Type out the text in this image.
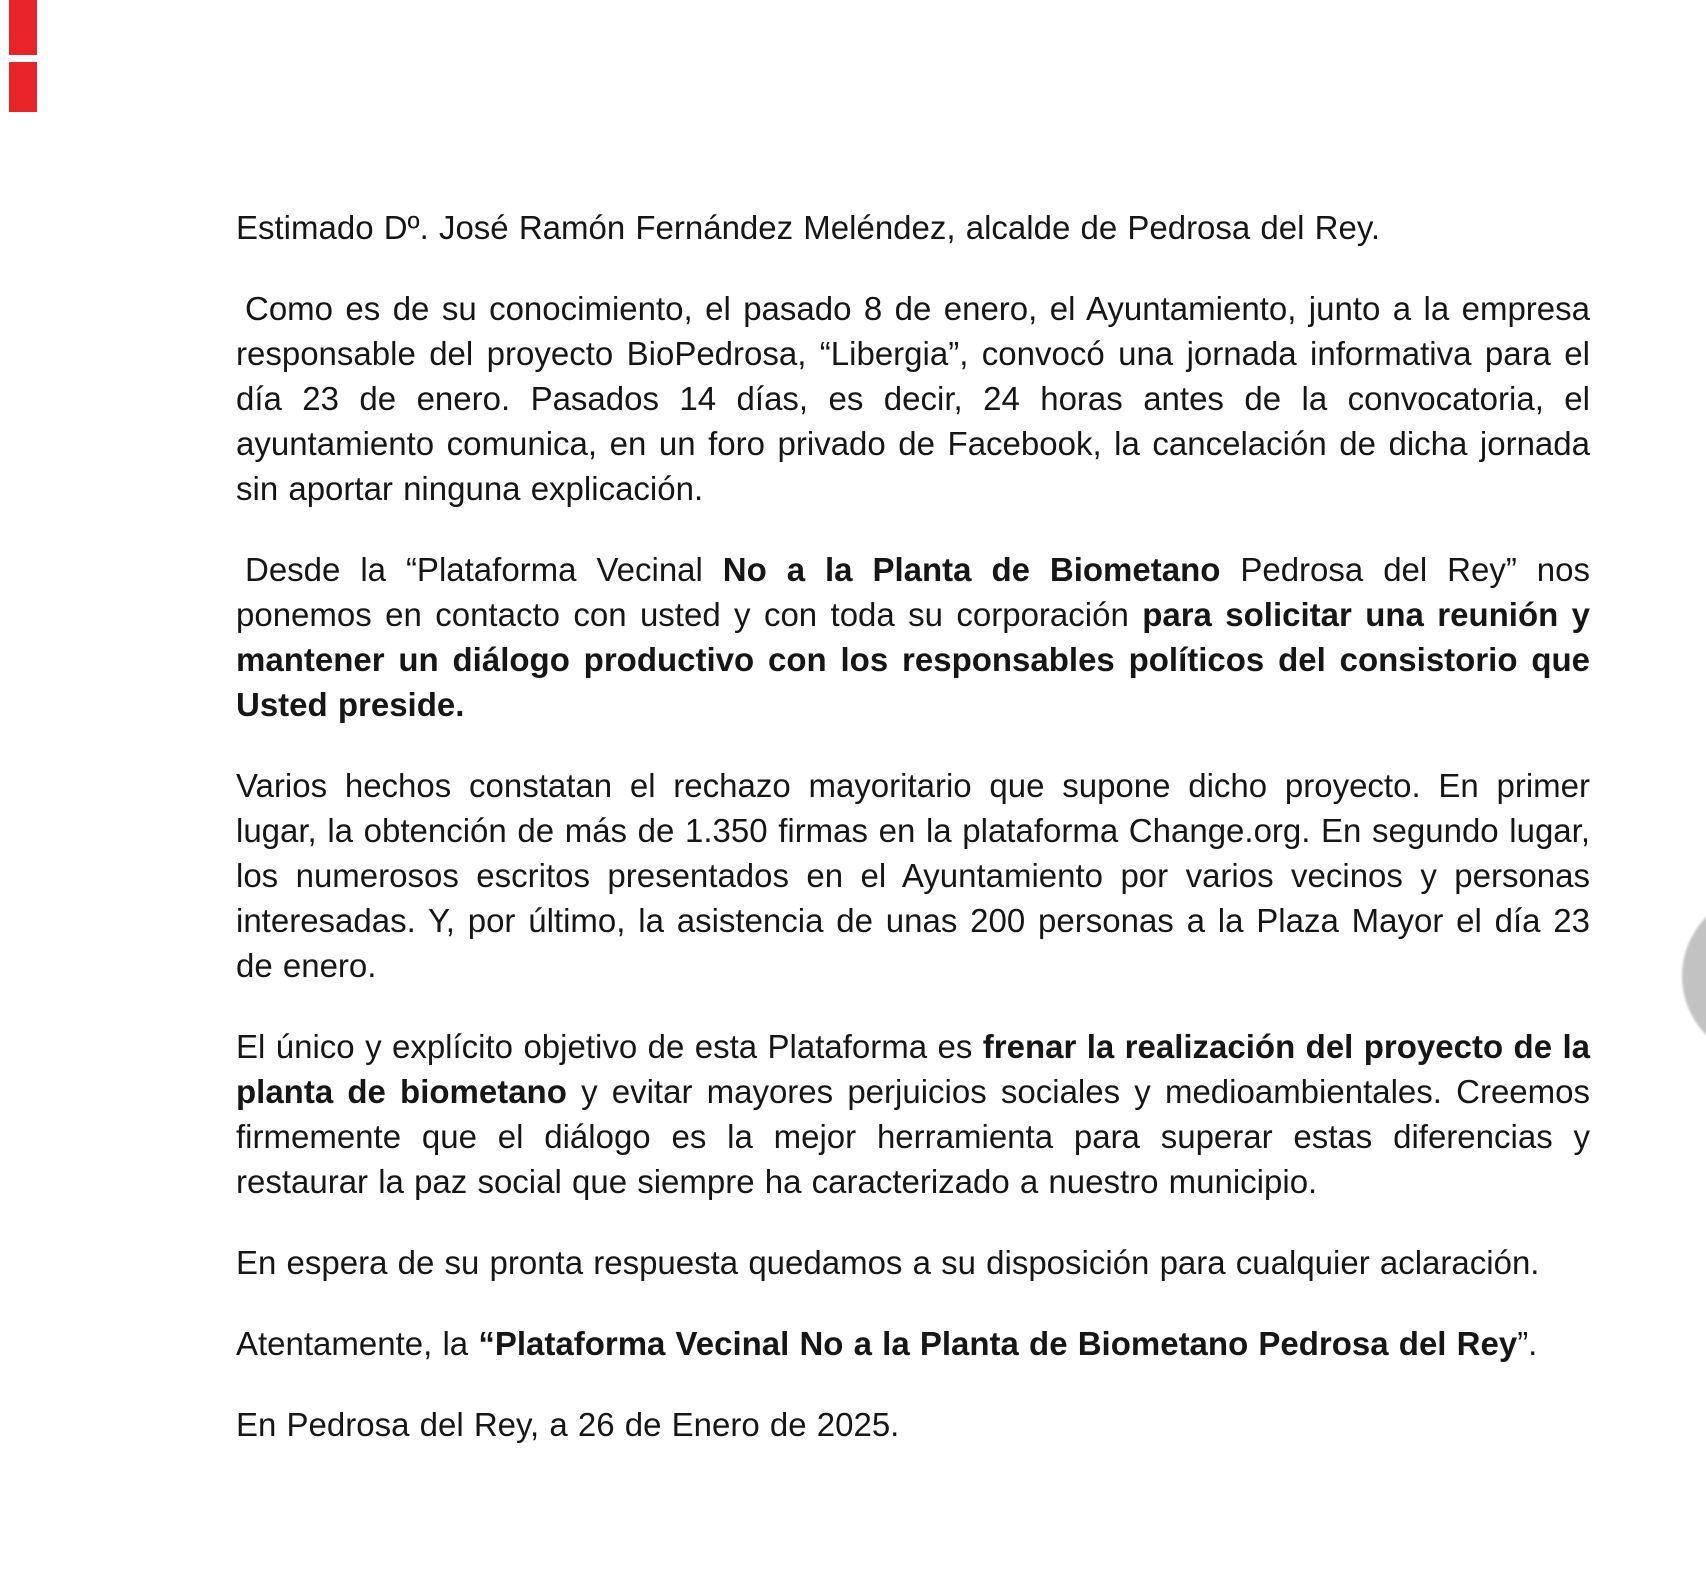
Estimado Dº. José Ramón Fernández Meléndez, alcalde de Pedrosa del Rey.

Como es de su conocimiento, el pasado 8 de enero, el Ayuntamiento, junto a la empresa responsable del proyecto BioPedrosa, “Libergia”, convocó una jornada informativa para el día 23 de enero. Pasados 14 días, es decir, 24 horas antes de la convocatoria, el ayuntamiento comunica, en un foro privado de Facebook, la cancelación de dicha jornada sin aportar ninguna explicación.

Desde la “Plataforma Vecinal No a la Planta de Biometano Pedrosa del Rey” nos ponemos en contacto con usted y con toda su corporación para solicitar una reunión y mantener un diálogo productivo con los responsables políticos del consistorio que Usted preside.

Varios hechos constatan el rechazo mayoritario que supone dicho proyecto. En primer lugar, la obtención de más de 1.350 firmas en la plataforma Change.org. En segundo lugar, los numerosos escritos presentados en el Ayuntamiento por varios vecinos y personas interesadas. Y, por último, la asistencia de unas 200 personas a la Plaza Mayor el día 23 de enero.

El único y explícito objetivo de esta Plataforma es frenar la realización del proyecto de la planta de biometano y evitar mayores perjuicios sociales y medioambientales. Creemos firmemente que el diálogo es la mejor herramienta para superar estas diferencias y restaurar la paz social que siempre ha caracterizado a nuestro municipio.

En espera de su pronta respuesta quedamos a su disposición para cualquier aclaración.

Atentamente, la “Plataforma Vecinal No a la Planta de Biometano Pedrosa del Rey”.

En Pedrosa del Rey, a 26 de Enero de 2025.
